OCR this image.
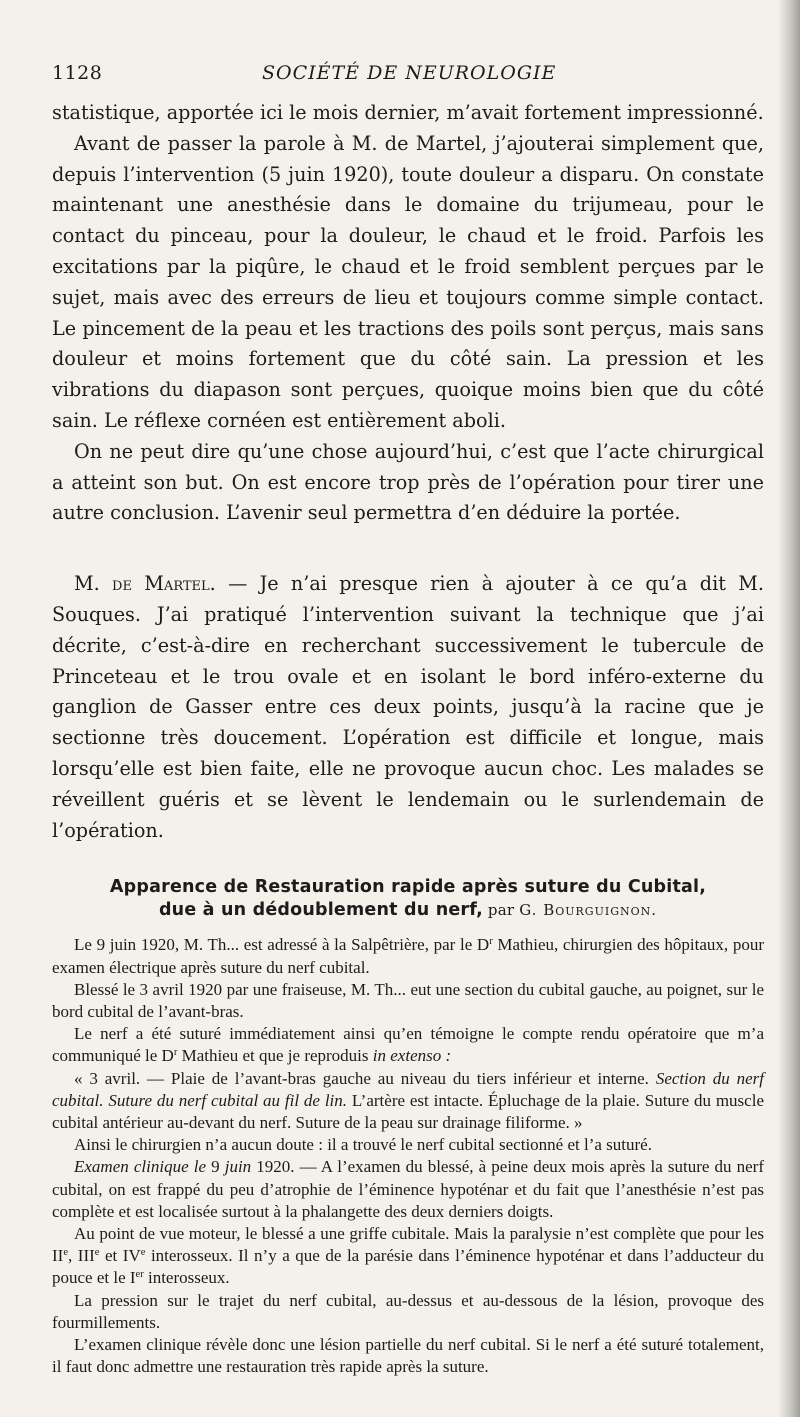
1128	SOCIÉTÉ DE NEUROLOGIE

statistique, apportée ici le mois dernier, m’avait fortement impressionné.

Avant de passer la parole à M. de Martel, j’ajouterai simplement que, depuis l’intervention (5 juin 1920), toute douleur a disparu. On constate maintenant une anesthésie dans le domaine du trijumeau, pour le contact du pinceau, pour la douleur, le chaud et le froid. Parfois les excitations par la piqûre, le chaud et le froid semblent perçues par le sujet, mais avec des erreurs de lieu et toujours comme simple contact. Le pincement de la peau et les tractions des poils sont perçus, mais sans douleur et moins fortement que du côté sain. La pression et les vibrations du diapason sont perçues, quoique moins bien que du côté sain. Le réflexe cornéen est entièrement aboli.

On ne peut dire qu’une chose aujourd’hui, c’est que l’acte chirurgical a atteint son but. On est encore trop près de l’opération pour tirer une autre conclusion. L’avenir seul permettra d’en déduire la portée.

M. de Martel. — Je n’ai presque rien à ajouter à ce qu’a dit M. Souques. J’ai pratiqué l’intervention suivant la technique que j’ai décrite, c’est-à-dire en recherchant successivement le tubercule de Princeteau et le trou ovale et en isolant le bord inféro-externe du ganglion de Gasser entre ces deux points, jusqu’à la racine que je sectionne très doucement. L’opération est difficile et longue, mais lorsqu’elle est bien faite, elle ne provoque aucun choc. Les malades se réveillent guéris et se lèvent le lendemain ou le surlendemain de l’opération.

Apparence de Restauration rapide après suture du Cubital,
due à un dédoublement du nerf, par G. Bourguignon.

Le 9 juin 1920, M. Th... est adressé à la Salpêtrière, par le $D^r$ Mathieu, chirurgien des hôpitaux, pour examen électrique après suture du nerf cubital.

Blessé le 3 avril 1920 par une fraiseuse, M. Th... eut une section du cubital gauche, au poignet, sur le bord cubital de l’avant-bras.

Le nerf a été suturé immédiatement ainsi qu’en témoigne le compte rendu opératoire que m’a communiqué le $D^r$ Mathieu et que je reproduis in extenso :

« 3 avril. — Plaie de l’avant-bras gauche au niveau du tiers inférieur et interne. Section du nerf cubital. Suture du nerf cubital au fil de lin. L’artère est intacte. Épluchage de la plaie. Suture du muscle cubital antérieur au-devant du nerf. Suture de la peau sur drainage filiforme. »

Ainsi le chirurgien n’a aucun doute : il a trouvé le nerf cubital sectionné et l’a suturé.

Examen clinique le 9 juin 1920. — A l’examen du blessé, à peine deux mois après la suture du nerf cubital, on est frappé du peu d’atrophie de l’éminence hypoténar et du fait que l’anesthésie n’est pas complète et est localisée surtout à la phalangette des deux derniers doigts.

Au point de vue moteur, le blessé a une griffe cubitale. Mais la paralysie n’est complète que pour les IIe, IIIe et IVe interosseux. Il n’y a que de la parésie dans l’éminence hypoténar et dans l’adducteur du pouce et le Ier interosseux.

La pression sur le trajet du nerf cubital, au-dessus et au-dessous de la lésion, provoque des fourmillements.

L’examen clinique révèle donc une lésion partielle du nerf cubital. Si le nerf a été suturé totalement, il faut donc admettre une restauration très rapide après la suture.
